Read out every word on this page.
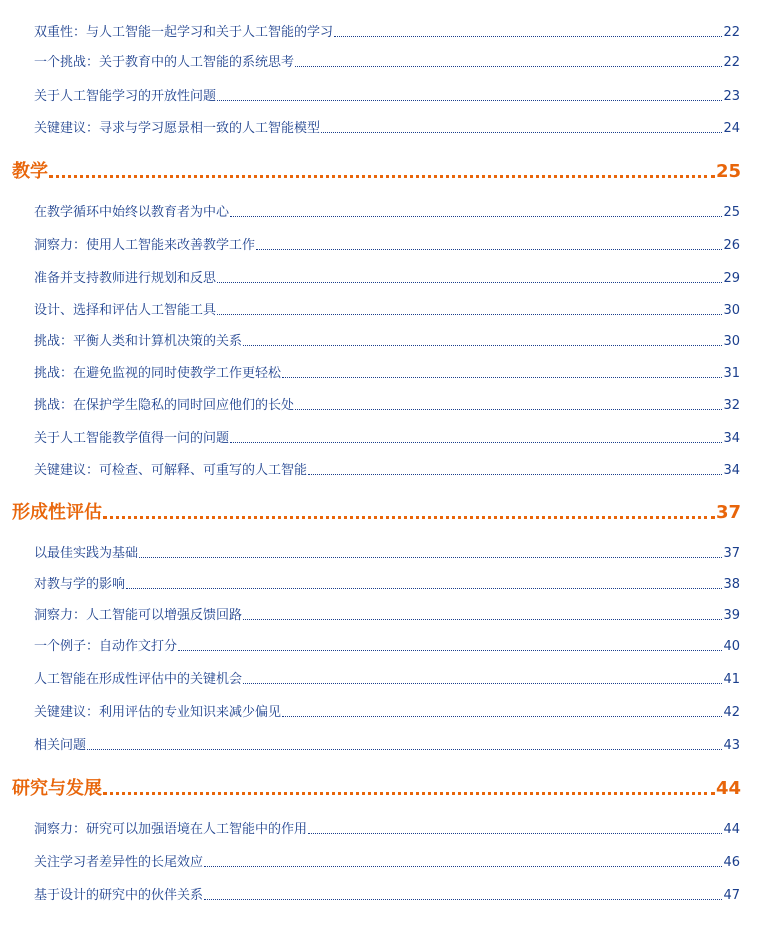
双重性：与人工智能一起学习和关于人工智能的学习	22
一个挑战：关于教育中的人工智能的系统思考	22
关于人工智能学习的开放性问题	23
关键建议：寻求与学习愿景相一致的人工智能模型	24
教学	25
在教学循环中始终以教育者为中心	25
洞察力：使用人工智能来改善教学工作	26
准备并支持教师进行规划和反思	29
设计、选择和评估人工智能工具	30
挑战：平衡人类和计算机决策的关系	30
挑战：在避免监视的同时使教学工作更轻松	31
挑战：在保护学生隐私的同时回应他们的长处	32
关于人工智能教学值得一问的问题	34
关键建议：可检查、可解释、可重写的人工智能	34
形成性评估	37
以最佳实践为基础	37
对教与学的影响	38
洞察力：人工智能可以增强反馈回路	39
一个例子：自动作文打分	40
人工智能在形成性评估中的关键机会	41
关键建议：利用评估的专业知识来减少偏见	42
相关问题	43
研究与发展	44
洞察力：研究可以加强语境在人工智能中的作用	44
关注学习者差异性的长尾效应	46
基于设计的研究中的伙伴关系	47
